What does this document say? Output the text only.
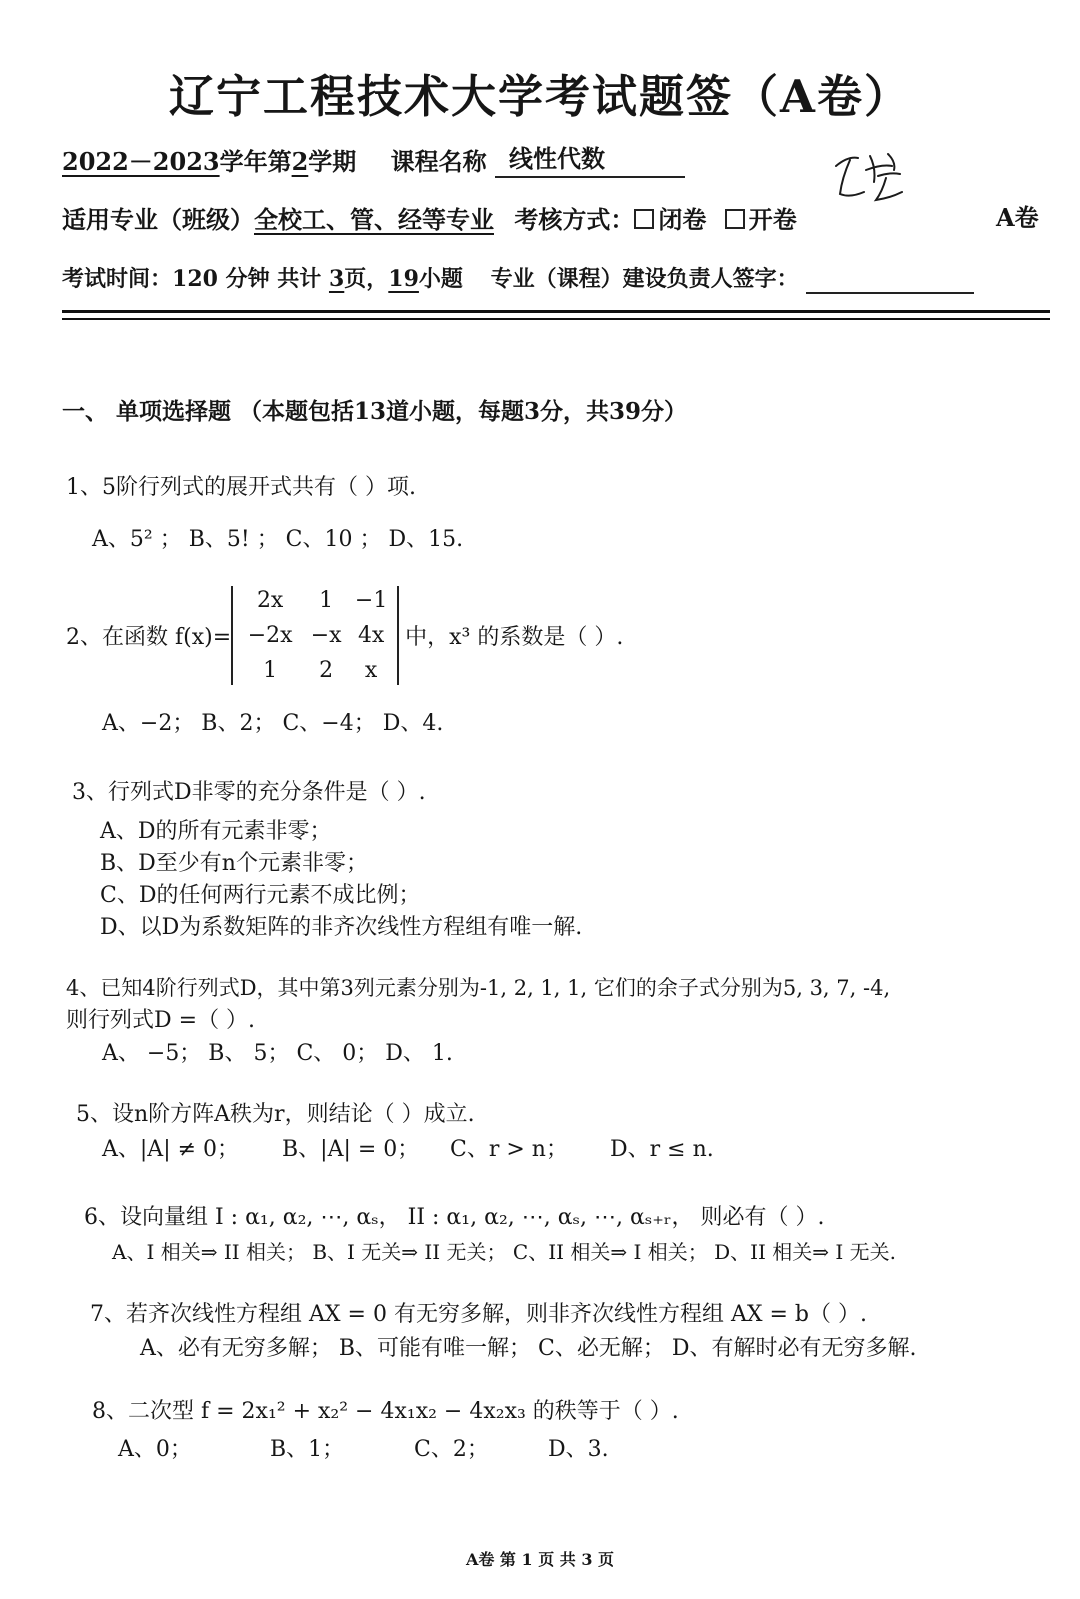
辽宁工程技术大学考试题签（A卷）
2022－2023学年第2学期 课程名称 线性代数

适用专业（班级）全校工、管、经等专业 考核方式： 闭卷 开卷	A卷
考试时间：120 分钟 共计 3页，19小题 专业（课程）建设负责人签字：
一、 单项选择题 （本题包括13道小题，每题3分，共39分）
1、5阶行列式的展开式共有（ ）项.
A、5² ； B、5! ； C、10 ； D、15.
2、在函数 f(x)=
2x	1 −1
−2x −x 4x
1	2	x
中，x³ 的系数是（ ）.
A、−2； B、2； C、−4； D、4.
3、行列式D非零的充分条件是（ ）.
A、D的所有元素非零；
B、D至少有n个元素非零；
C、D的任何两行元素不成比例；
D、以D为系数矩阵的非齐次线性方程组有唯一解.
4、已知4阶行列式D，其中第3列元素分别为-1, 2, 1, 1, 它们的余子式分别为5, 3, 7, -4,
则行列式D =（ ）.
A、 −5； B、 5； C、 0； D、 1.
5、设n阶方阵A秩为r，则结论（ ）成立.
A、|A| ≠ 0； B、|A| = 0； C、r > n； D、r ≤ n.
6、设向量组 I : α₁, α₂, ⋯, αₛ， II : α₁, α₂, ⋯, αₛ, ⋯, αₛ₊ᵣ， 则必有（ ）.
A、I 相关⇒ II 相关； B、I 无关⇒ II 无关； C、II 相关⇒ I 相关； D、II 相关⇒ I 无关.
7、若齐次线性方程组 AX = 0 有无穷多解，则非齐次线性方程组 AX = b（ ）.
A、必有无穷多解； B、可能有唯一解； C、必无解； D、有解时必有无穷多解.
8、二次型 f = 2x₁² + x₂² − 4x₁x₂ − 4x₂x₃ 的秩等于（ ）.
A、0；	B、1；	C、2；	D、3.
A卷 第 1 页 共 3 页
